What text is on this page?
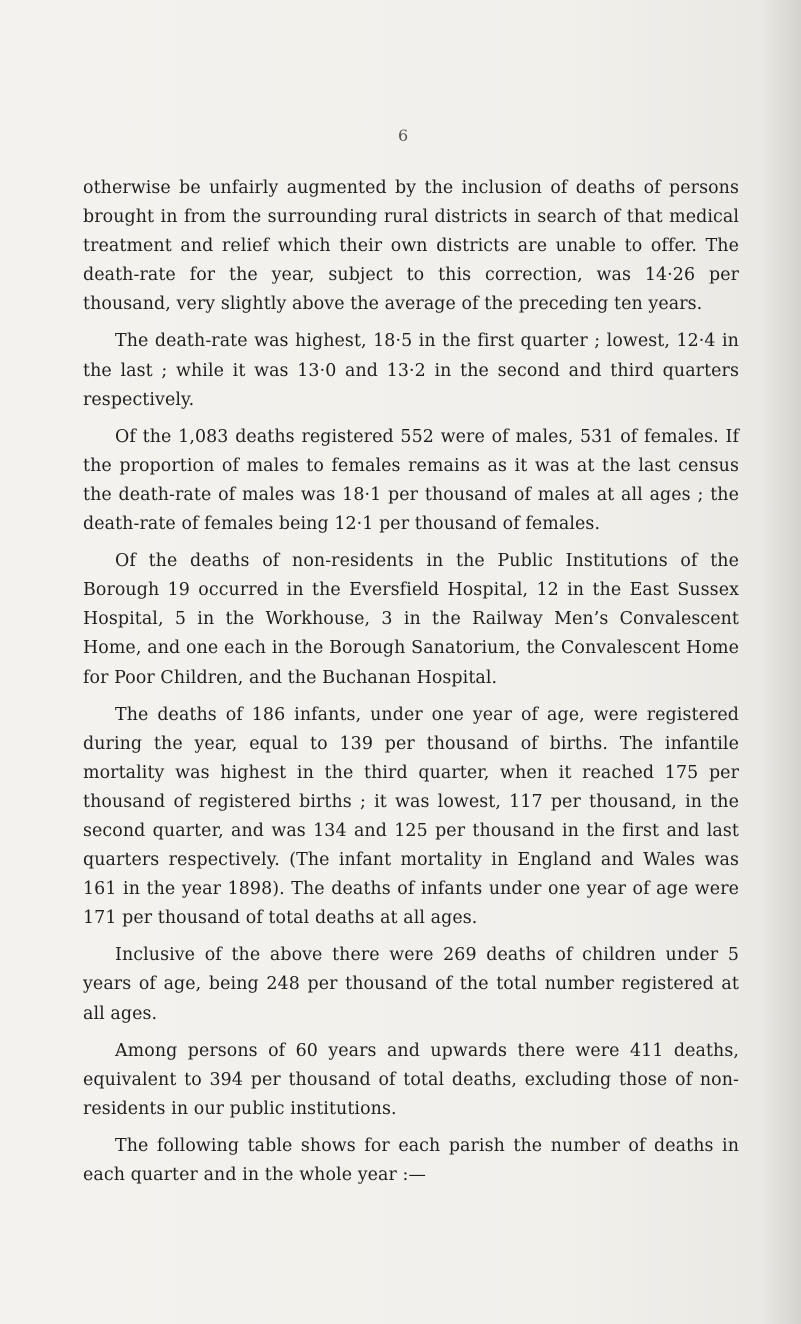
6

otherwise be unfairly augmented by the inclusion of deaths of persons brought in from the surrounding rural districts in search of that medical treatment and relief which their own districts are unable to offer. The death-rate for the year, subject to this correction, was 14·26 per thousand, very slightly above the average of the preceding ten years.

The death-rate was highest, 18·5 in the first quarter ; lowest, 12·4 in the last ; while it was 13·0 and 13·2 in the second and third quarters respectively.

Of the 1,083 deaths registered 552 were of males, 531 of females. If the proportion of males to females remains as it was at the last census the death-rate of males was 18·1 per thousand of males at all ages ; the death-rate of females being 12·1 per thousand of females.

Of the deaths of non-residents in the Public Institutions of the Borough 19 occurred in the Eversfield Hospital, 12 in the East Sussex Hospital, 5 in the Workhouse, 3 in the Railway Men’s Convalescent Home, and one each in the Borough Sanatorium, the Convalescent Home for Poor Children, and the Buchanan Hospital.

The deaths of 186 infants, under one year of age, were registered during the year, equal to 139 per thousand of births. The infantile mortality was highest in the third quarter, when it reached 175 per thousand of registered births ; it was lowest, 117 per thousand, in the second quarter, and was 134 and 125 per thousand in the first and last quarters respectively. (The infant mortality in England and Wales was 161 in the year 1898). The deaths of infants under one year of age were 171 per thousand of total deaths at all ages.

Inclusive of the above there were 269 deaths of children under 5 years of age, being 248 per thousand of the total number registered at all ages.

Among persons of 60 years and upwards there were 411 deaths, equivalent to 394 per thousand of total deaths, excluding those of non-residents in our public institutions.

The following table shows for each parish the number of deaths in each quarter and in the whole year :—
